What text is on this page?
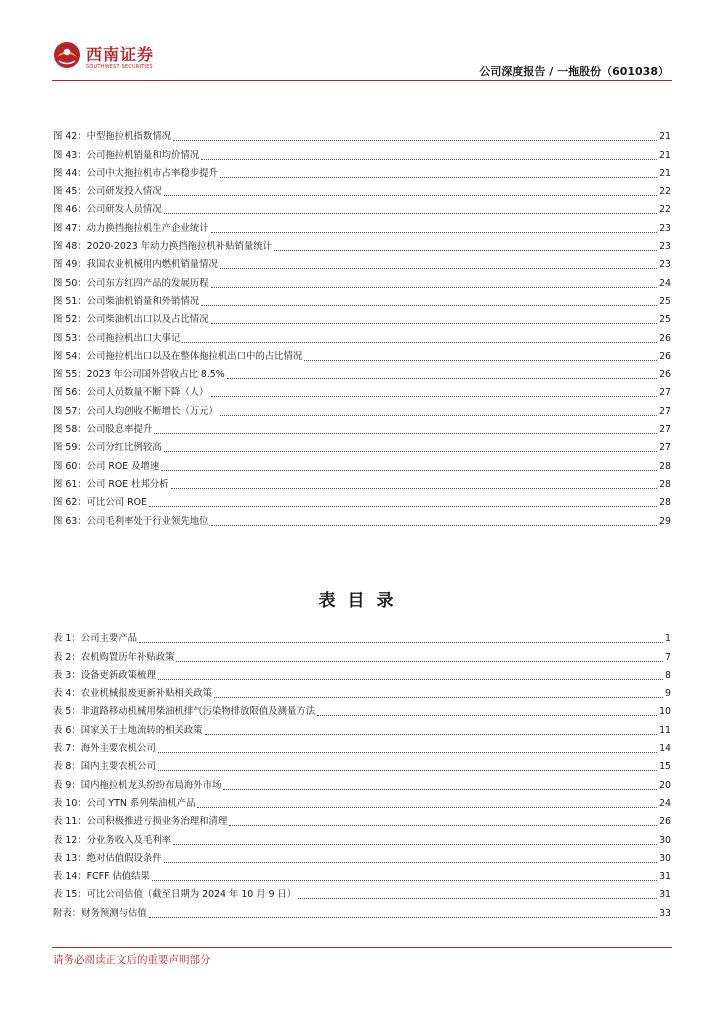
西南证券
SOUTHWEST SECURITIES	公司深度报告 / 一拖股份（601038）
图 42：中型拖拉机指数情况	21
图 43：公司拖拉机销量和均价情况	21
图 44：公司中大拖拉机市占率稳步提升	21
图 45：公司研发投入情况	22
图 46：公司研发人员情况	22
图 47：动力换挡拖拉机生产企业统计	23
图 48：2020-2023 年动力换挡拖拉机补贴销量统计	23
图 49：我国农业机械用内燃机销量情况	23
图 50：公司东方红四产品的发展历程	24
图 51：公司柴油机销量和外销情况	25
图 52：公司柴油机出口以及占比情况	25
图 53：公司拖拉机出口大事记	26
图 54：公司拖拉机出口以及在整体拖拉机出口中的占比情况	26
图 55：2023 年公司国外营收占比 8.5%	26
图 56：公司人员数量不断下降（人）	27
图 57：公司人均创收不断增长（万元）	27
图 58：公司股息率提升	27
图 59：公司分红比例较高	27
图 60：公司 ROE 及增速	28
图 61：公司 ROE 杜邦分析	28
图 62：可比公司 ROE	28
图 63：公司毛利率处于行业领先地位	29
表目录
表 1：公司主要产品	1
表 2：农机购置历年补贴政策	7
表 3：设备更新政策梳理	8
表 4：农业机械报废更新补贴相关政策	9
表 5：非道路移动机械用柴油机排气污染物排放限值及测量方法	10
表 6：国家关于土地流转的相关政策	11
表 7：海外主要农机公司	14
表 8：国内主要农机公司	15
表 9：国内拖拉机龙头纷纷布局海外市场	20
表 10：公司 YTN 系列柴油机产品	24
表 11：公司积极推进亏损业务治理和清理	26
表 12：分业务收入及毛利率	30
表 13：绝对估值假设条件	30
表 14：FCFF 估值结果	31
表 15：可比公司估值（截至日期为 2024 年 10 月 9 日）	31
附表：财务预测与估值	33
请务必阅读正文后的重要声明部分
